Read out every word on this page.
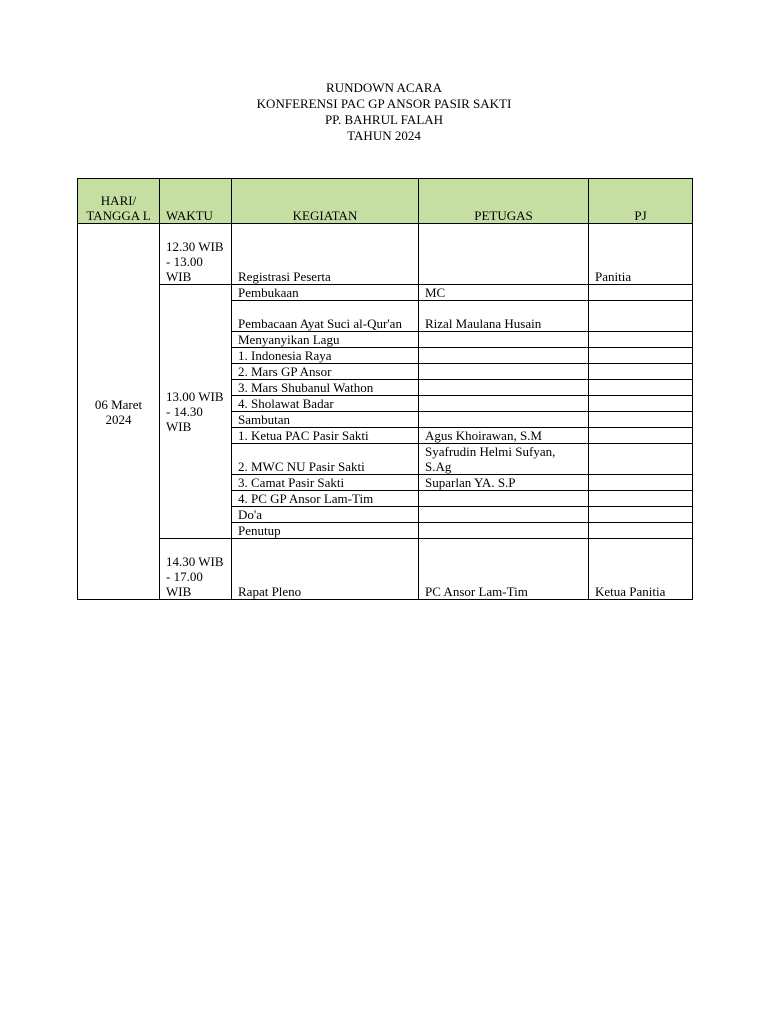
RUNDOWN ACARA
KONFERENSI PAC GP ANSOR PASIR SAKTI
PP. BAHRUL FALAH
TAHUN 2024
HARI/ TANGGA L	WAKTU	KEGIATAN	PETUGAS	PJ
06 Maret 2024	12.30 WIB - 13.00 WIB	Registrasi Peserta		Panitia
	13.00 WIB - 14.30 WIB	Pembukaan	MC	
		Pembacaan Ayat Suci al-Qur'an	Rizal Maulana Husain	
		Menyanyikan Lagu		
		1. Indonesia Raya		
		2. Mars GP Ansor		
		3. Mars Shubanul Wathon		
		4. Sholawat Badar		
		Sambutan		
		1. Ketua PAC Pasir Sakti	Agus Khoirawan, S.M	
		2. MWC NU Pasir Sakti	Syafrudin Helmi Sufyan, S.Ag	
		3. Camat Pasir Sakti	Suparlan YA. S.P	
		4. PC GP Ansor Lam-Tim		
		Do'a		
		Penutup		
	14.30 WIB - 17.00 WIB	Rapat Pleno	PC Ansor Lam-Tim	Ketua Panitia
